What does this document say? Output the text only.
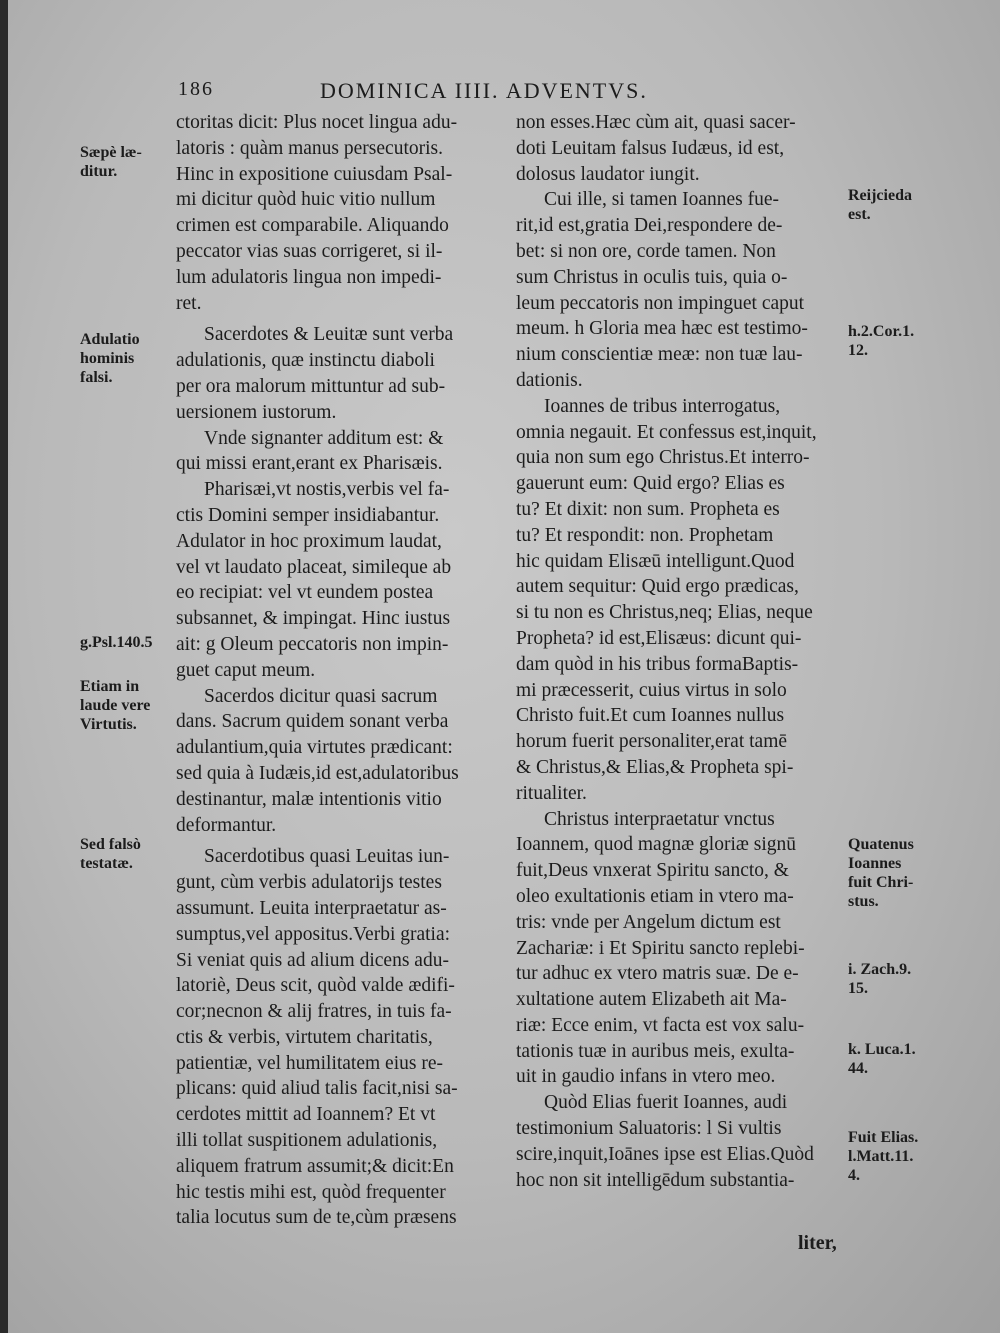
186	DOMINICA IIII. ADVENTVS.

ctoritas dicit: Plus nocet lingua adu-

latoris : quàm manus persecutoris.

Hinc in expositione cuiusdam Psal-

mi dicitur quòd huic vitio nullum

crimen est comparabile. Aliquando

peccator vias suas corrigeret, si il-

lum adulatoris lingua non impedi-

ret.

Sacerdotes & Leuitæ sunt verba

adulationis, quæ instinctu diaboli

per ora malorum mittuntur ad sub-

uersionem iustorum.

Vnde signanter additum est: &

qui missi erant,erant ex Pharisæis.

Pharisæi,vt nostis,verbis vel fa-

ctis Domini semper insidiabantur.

Adulator in hoc proximum laudat,

vel vt laudato placeat, simileque ab

eo recipiat: vel vt eundem postea

subsannet, & impingat. Hinc iustus

ait: g Oleum peccatoris non impin-

guet caput meum.

Sacerdos dicitur quasi sacrum

dans. Sacrum quidem sonant verba

adulantium,quia virtutes prædicant:

sed quia à Iudæis,id est,adulatoribus

destinantur, malæ intentionis vitio

deformantur.

Sacerdotibus quasi Leuitas iun-

gunt, cùm verbis adulatorijs testes

assumunt. Leuita interpraetatur as-

sumptus,vel appositus.Verbi gratia:

Si veniat quis ad alium dicens adu-

latoriè, Deus scit, quòd valde ædifi-

cor;necnon & alij fratres, in tuis fa-

ctis & verbis, virtutem charitatis,

patientiæ, vel humilitatem eius re-

plicans: quid aliud talis facit,nisi sa-

cerdotes mittit ad Ioannem? Et vt

illi tollat suspitionem adulationis,

aliquem fratrum assumit;& dicit:En

hic testis mihi est, quòd frequenter

talia locutus sum de te,cùm præsens

non esses.Hæc cùm ait, quasi sacer-

doti Leuitam falsus Iudæus, id est,

dolosus laudator iungit.

Cui ille, si tamen Ioannes fue-

rit,id est,gratia Dei,respondere de-

bet: si non ore, corde tamen. Non

sum Christus in oculis tuis, quia o-

leum peccatoris non impinguet caput

meum. h Gloria mea hæc est testimo-

nium conscientiæ meæ: non tuæ lau-

dationis.

Ioannes de tribus interrogatus,

omnia negauit. Et confessus est,inquit,

quia non sum ego Christus.Et interro-

gauerunt eum: Quid ergo? Elias es

tu? Et dixit: non sum. Propheta es

tu? Et respondit: non. Prophetam

hic quidam Elisæū intelligunt.Quod

autem sequitur: Quid ergo prædicas,

si tu non es Christus,neq; Elias, neque

Propheta? id est,Elisæus: dicunt qui-

dam quòd in his tribus formaBaptis-

mi præcesserit, cuius virtus in solo

Christo fuit.Et cum Ioannes nullus

horum fuerit personaliter,erat tamē

& Christus,& Elias,& Propheta spi-

ritualiter.

Christus interpraetatur vnctus

Ioannem, quod magnæ gloriæ signū

fuit,Deus vnxerat Spiritu sancto, &

oleo exultationis etiam in vtero ma-

tris: vnde per Angelum dictum est

Zachariæ: i Et Spiritu sancto replebi-

tur adhuc ex vtero matris suæ. De e-

xultatione autem Elizabeth ait Ma-

riæ: Ecce enim, vt facta est vox salu-

tationis tuæ in auribus meis, exulta-

uit in gaudio infans in vtero meo.

Quòd Elias fuerit Ioannes, audi

testimonium Saluatoris: l Si vultis

scire,inquit,Ioānes ipse est Elias.Quòd

hoc non sit intelligēdum substantia-

Sæpè læ-

ditur.

Adulatio

hominis

falsi.

g.Psl.140.5

Etiam in

laude vere

Virtutis.

Sed falsò

testatæ.

Reijcieda

est.

h.2.Cor.1.

12.

Quatenus

Ioannes

fuit Chri-

stus.

i. Zach.9.

15.

k. Luca.1.

44.

Fuit Elias.

l.Matt.11.

4.

liter,
